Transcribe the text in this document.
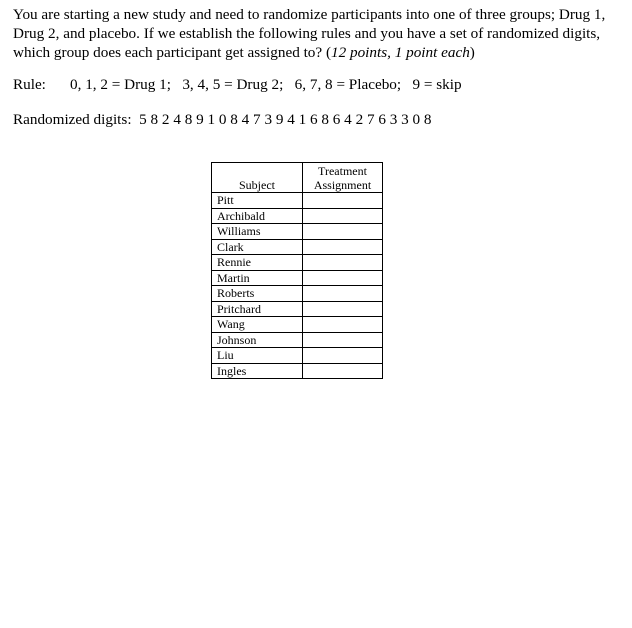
You are starting a new study and need to randomize participants into one of three groups; Drug 1, Drug 2, and placebo. If we establish the following rules and you have a set of randomized digits, which group does each participant get assigned to? (12 points, 1 point each)
Rule: 0, 1, 2 = Drug 1;   3, 4, 5 = Drug 2;   6, 7, 8 = Placebo;   9 = skip
Randomized digits: 5 8 2 4 8 9 1 0 8 4 7 3 9 4 1 6 8 6 4 2 7 6 3 3 0 8
Subject	Treatment
Assignment
Pitt	
Archibald	
Williams	
Clark	
Rennie	
Martin	
Roberts	
Pritchard	
Wang	
Johnson	
Liu	
Ingles	
